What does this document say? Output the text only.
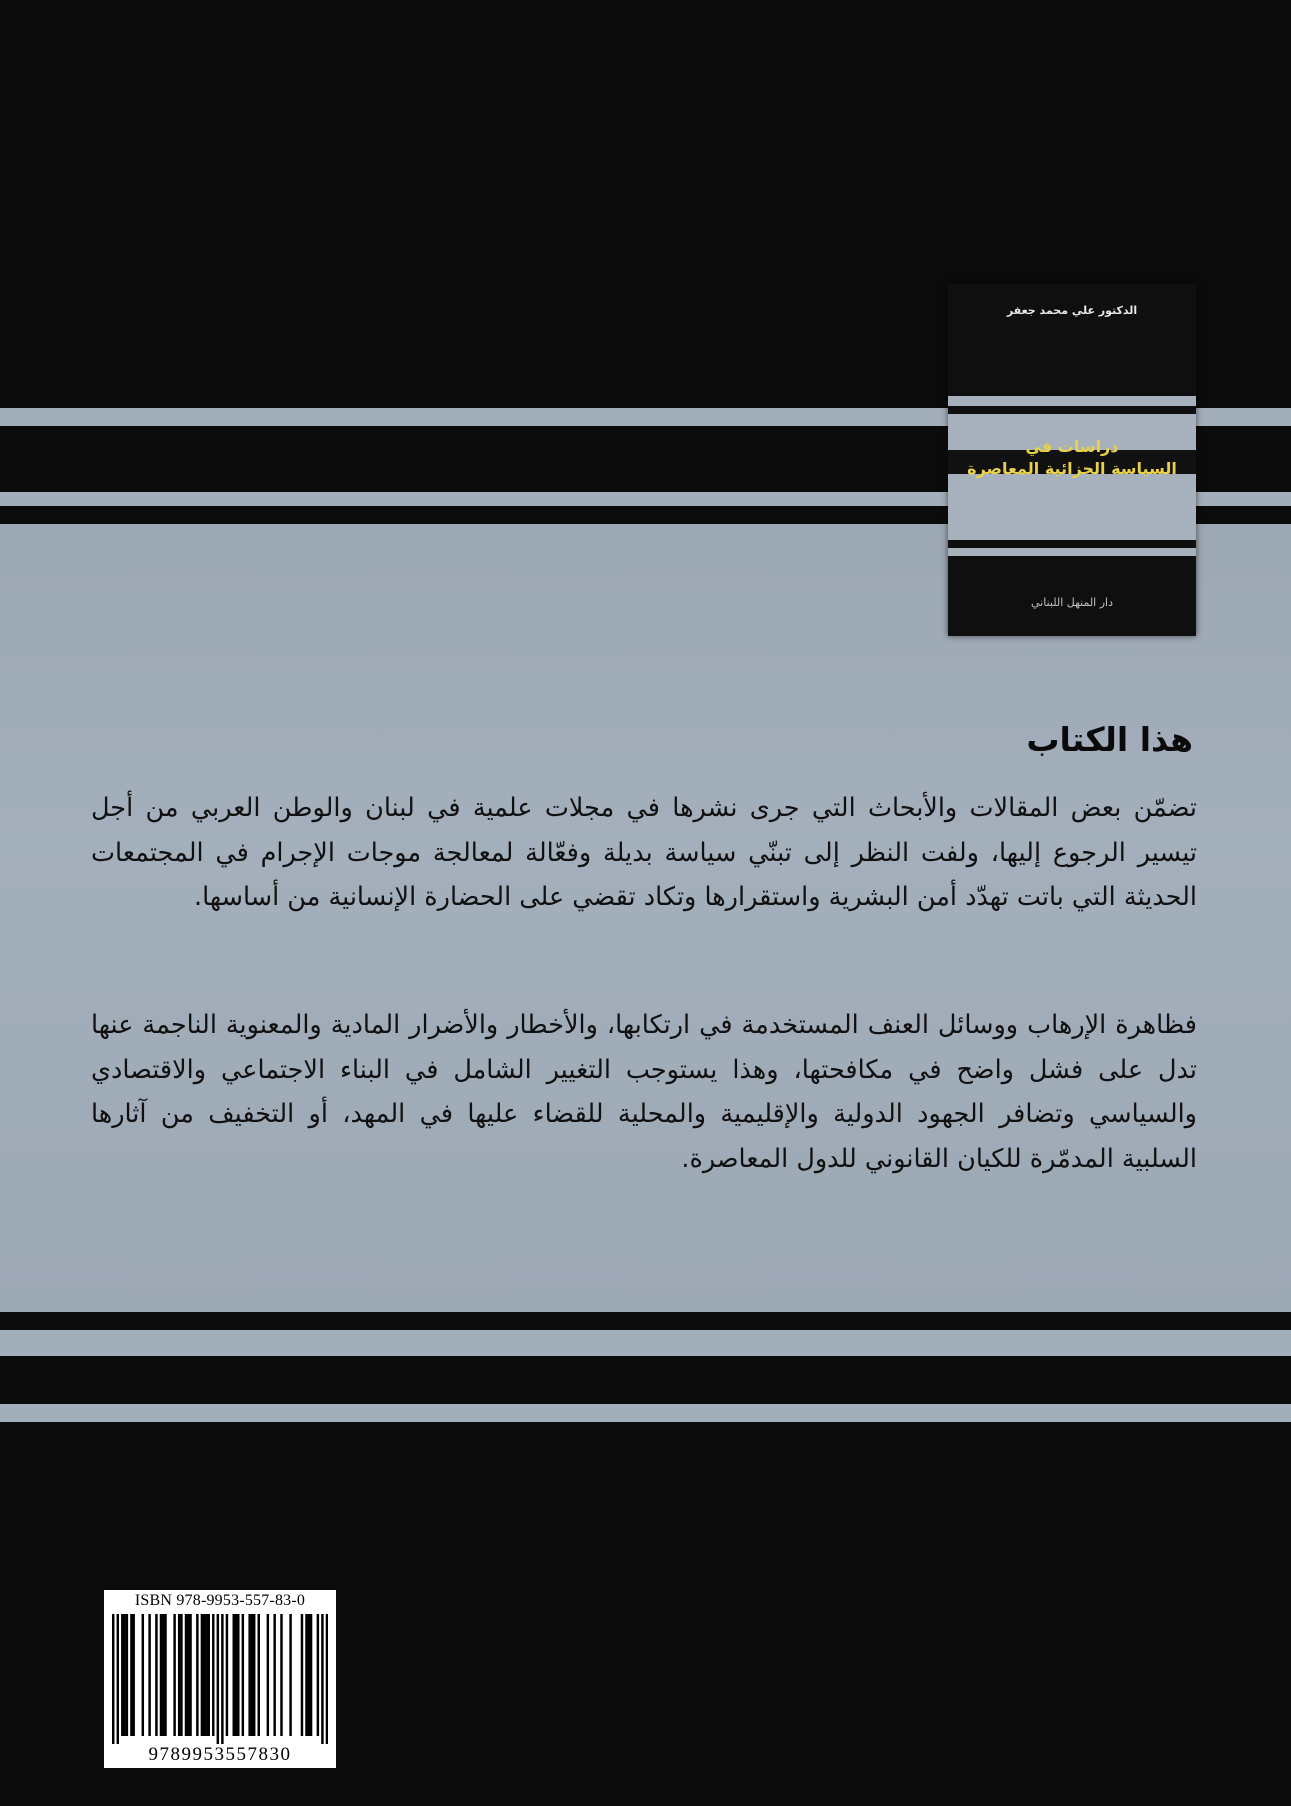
الدكتور علي محمد جعفر
دراسات في
السياسة الجزائية المعاصرة
دار المنهل اللبناني
هذا الكتاب

تضمّن بعض المقالات والأبحاث التي جرى نشرها في مجلات علمية في لبنان والوطن العربي من أجل تيسير الرجوع إليها، ولفت النظر إلى تبنّي سياسة بديلة وفعّالة لمعالجة موجات الإجرام في المجتمعات الحديثة التي باتت تهدّد أمن البشرية واستقرارها وتكاد تقضي على الحضارة الإنسانية من أساسها.

فظاهرة الإرهاب ووسائل العنف المستخدمة في ارتكابها، والأخطار والأضرار المادية والمعنوية الناجمة عنها تدل على فشل واضح في مكافحتها، وهذا يستوجب التغيير الشامل في البناء الاجتماعي والاقتصادي والسياسي وتضافر الجهود الدولية والإقليمية والمحلية للقضاء عليها في المهد، أو التخفيف من آثارها السلبية المدمّرة للكيان القانوني للدول المعاصرة.

ISBN 978-9953-557-83-0
9789953557830
